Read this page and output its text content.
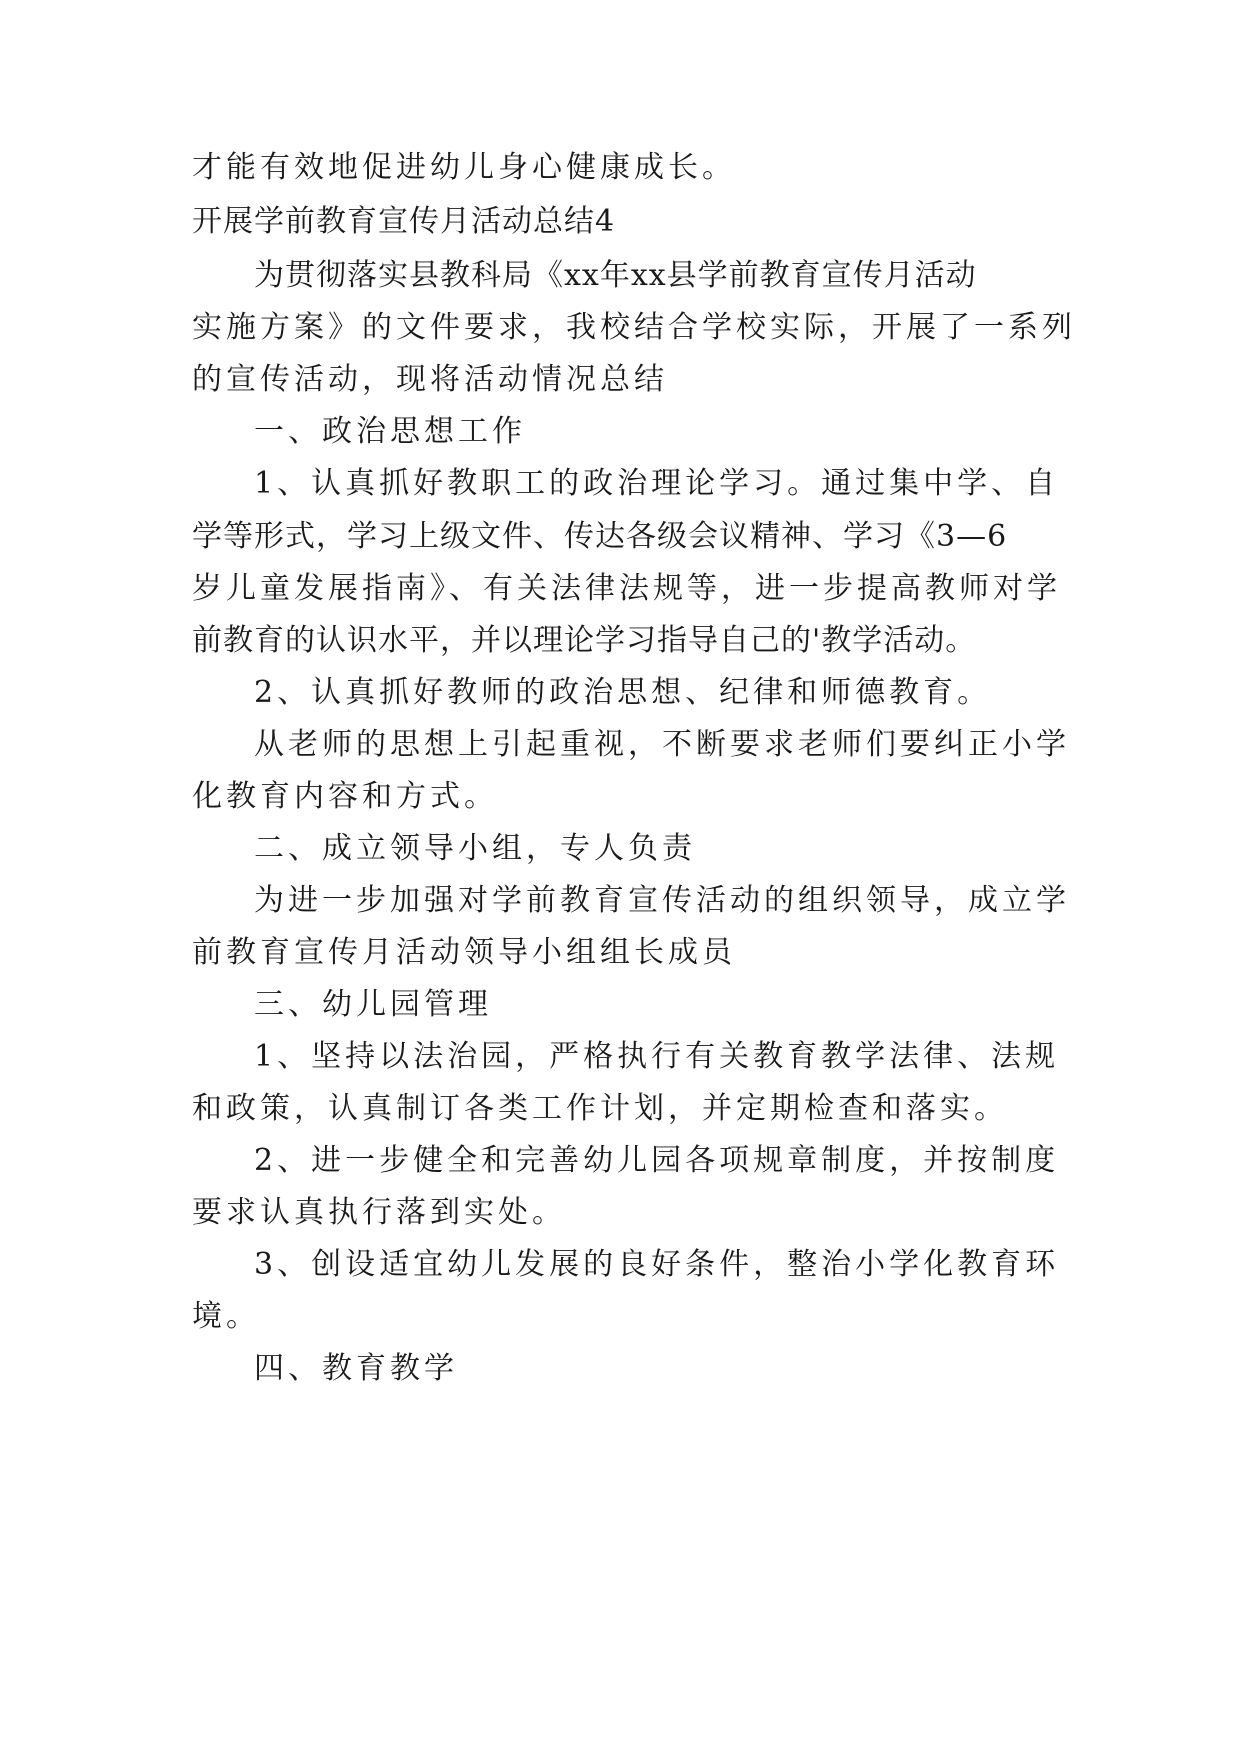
才能有效地促进幼儿身心健康成长。
开展学前教育宣传月活动总结4
为贯彻落实县教科局《xx年xx县学前教育宣传月活动
实施方案》的文件要求，我校结合学校实际，开展了一系列
的宣传活动，现将活动情况总结
一、政治思想工作
1、认真抓好教职工的政治理论学习。通过集中学、自
学等形式，学习上级文件、传达各级会议精神、学习《3—6
岁儿童发展指南》、有关法律法规等，进一步提高教师对学
前教育的认识水平，并以理论学习指导自己的'教学活动。
2、认真抓好教师的政治思想、纪律和师德教育。
从老师的思想上引起重视，不断要求老师们要纠正小学
化教育内容和方式。
二、成立领导小组，专人负责
为进一步加强对学前教育宣传活动的组织领导，成立学
前教育宣传月活动领导小组组长成员
三、幼儿园管理
1、坚持以法治园，严格执行有关教育教学法律、法规
和政策，认真制订各类工作计划，并定期检查和落实。
2、进一步健全和完善幼儿园各项规章制度，并按制度
要求认真执行落到实处。
3、创设适宜幼儿发展的良好条件，整治小学化教育环
境。
四、教育教学
